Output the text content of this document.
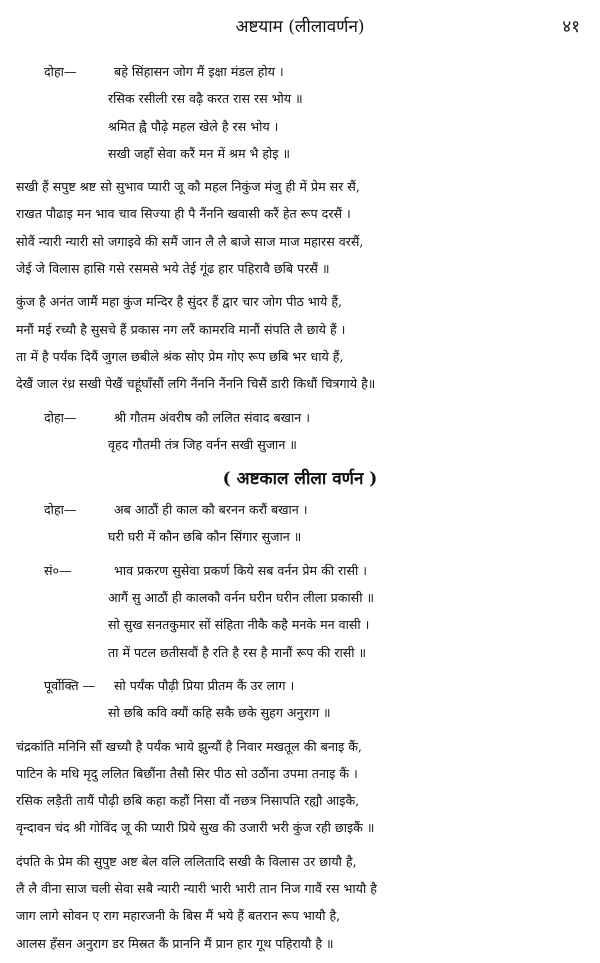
अष्टयाम (लीलावर्णन)	४१
दोहा—	बहे सिंहासन जोग मैं इक्षा मंडल होय ।
रसिक रसीली रस वढ़ै करत रास रस भोय ॥
श्रमित ह्वै पौढ़े महल खेले है रस भोय ।
सखी जहाँ सेवा करैं मन में श्रम भै होइ ॥
सखी हैं सपुष्ट श्रष्ट सो सुभाव प्यारी जू कौ महल निकुंज मंजु ही में प्रेम सर सैं,
राखत पौढाइ मन भाव चाव सिज्या ही पै नैंननि खवासी करैं हेत रूप दरसैं ।
सोवैं न्यारी न्यारी सो जगाइवे की समैं जान लै लै बाजे साज माज महारस वरसैं,
जेई जे विलास हासि गसे रसमसे भये तेई गूंढ हार पहिरावै छबि परसैं ॥
कुंज है अनंत जामैं महा कुंज मन्दिर है सुंदर हैं द्वार चार जोग पीठ भाये हैं,
मनौं मई रच्यौ है सुसचे हैं प्रकास नग लरैं कामरवि मानौं संपति लै छाये हैं ।
ता में है पर्यंक दियैं जुगल छबीले श्रंक सोए प्रेम गोए रूप छबि भर धाये हैं,
देखैं जाल रंध्र सखी पेखैं चहूंघाँसौं लगि नैंननि नैंननि चिसैं डारी किधौं चित्रगाये है॥
दोहा—	श्री गौतम अंवरीष कौ ललित संवाद बखान ।
वृहद गौतमी तंत्र जिह वर्नन सखी सुजान ॥
( अष्टकाल लीला वर्णन )
दोहा—	अब आठौं ही काल कौ बरनन करौं बखान ।
घरी घरी में कौन छबि कौन सिंगार सुजान ॥
सं०—	भाव प्रकरण सुसेवा प्रकर्ण किये सब वर्नन प्रेम की रासी ।
आगैं सु आठौं ही कालकौ वर्नन घरीन घरीन लीला प्रकासी ॥
सो सुख सनतकुमार सों संहिता नीकै कहै मनके मन वासी ।
ता में पटल छतीसवौं है रति है रस है मानौं रूप की रासी ॥
पूर्वोक्ति — सो पर्यंक पौढ़ी प्रिया प्रीतम कैं उर लाग ।
सो छबि कवि क्यौं कहि सकै छके सुहग अनुराग ॥
चंद्रकांति मनिनि सौं खच्यौ है पर्यंक भाये झुन्यौं है निवार मखतूल की बनाइ कैं,
पाटिन के मधि मृदु ललित बिछौंना तैसौ सिर पीठ सो उठौंना उपमा तनाइ कैं ।
रसिक लड़ैती तायैं पौढ़ी छबि कहा कहौं निसा वौं नछत्र निसापति रह्यौ आइकै,
वृन्दावन चंद श्री गोविंद जू की प्यारी प्रिये सुख की उजारी भरी कुंज रही छाइकैं ॥
दंपति के प्रेम की सुपुष्ट अष्ट बेल वलि ललितादि सखी कै विलास उर छायौ है,
लै लै वीना साज चली सेवा सबै न्यारी न्यारी भारी भारी तान निज गावैं रस भायौ है
जाग लागे सोवन ए राग महारजनी के बिस मैं भये हैं बतरान रूप भायौ है,
आलस हँसन अनुराग डर मिस्रत कैं प्राननि मैं प्रान हार गूथ पहिरायौ है ॥
